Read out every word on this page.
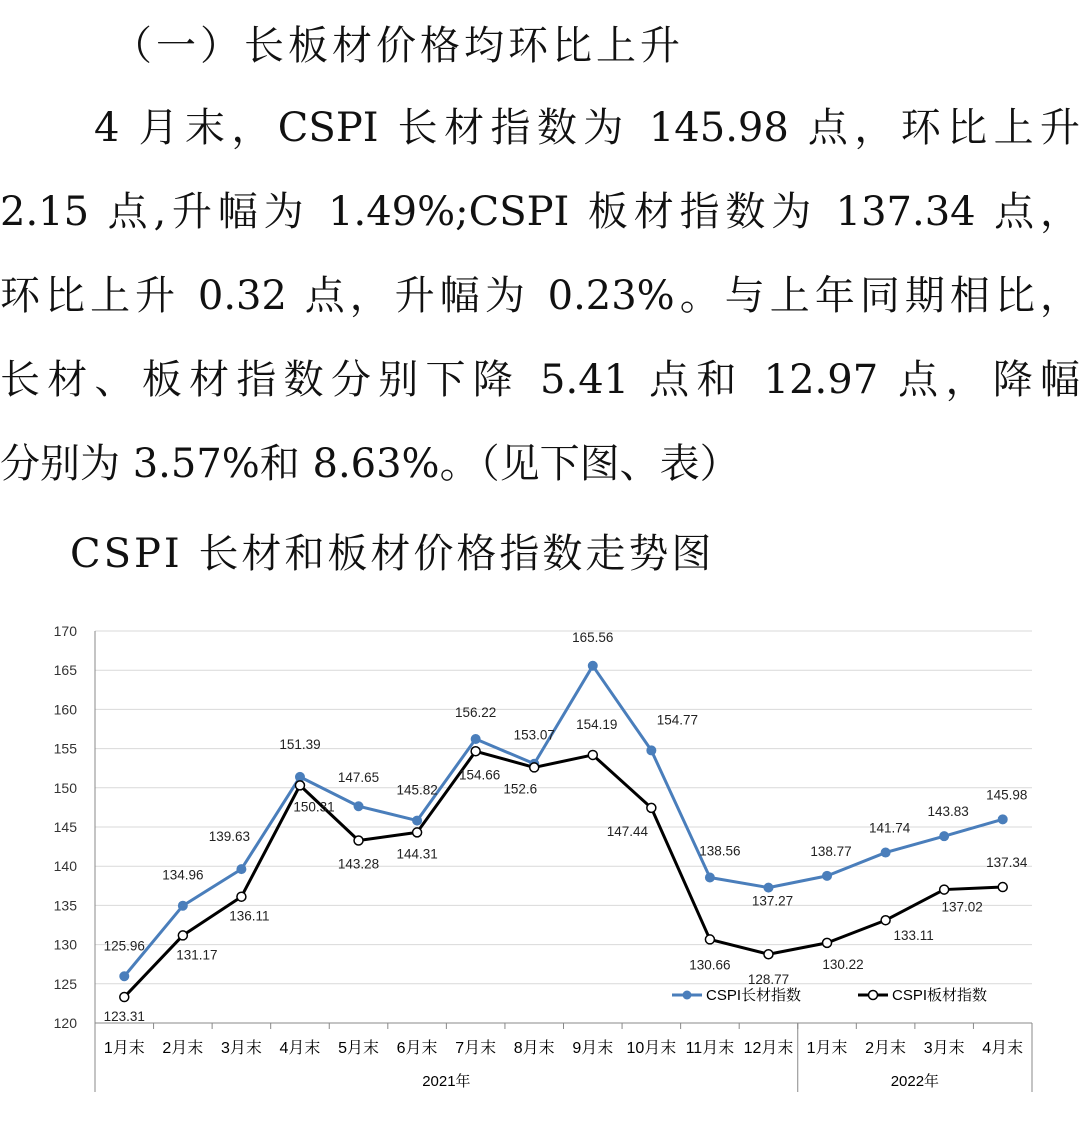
（一）长板材价格均环比上升
4 月末，CSPI 长材指数为 145.98 点，环比上升
2.15 点,升幅为 1.49%;CSPI 板材指数为 137.34 点，
环比上升 0.32 点，升幅为 0.23%。与上年同期相比，
长材、板材指数分别下降 5.41 点和 12.97 点，降幅
分别为 3.57%和 8.63%。（见下图、表）
CSPI 长材和板材价格指数走势图
120
125
130
135
140
145
150
155
160
165
170
1月末 2月末 3月末 4月末 5月末 6月末 7月末 8月末 9月末 10月末 11月末 12月末 1月末 2月末 3月末 4月末
2021年	2022年
125.96
134.96
139.63
151.39
147.65
145.82
156.22
153.07
165.56
154.77
138.56
137.27
138.77
141.74
143.83
145.98
123.31
131.17
136.11
150.31
143.28
144.31
154.66
152.6
154.19
147.44
130.66
128.77
130.22
133.11
137.02
137.34
CSPI长材指数	CSPI板材指数
